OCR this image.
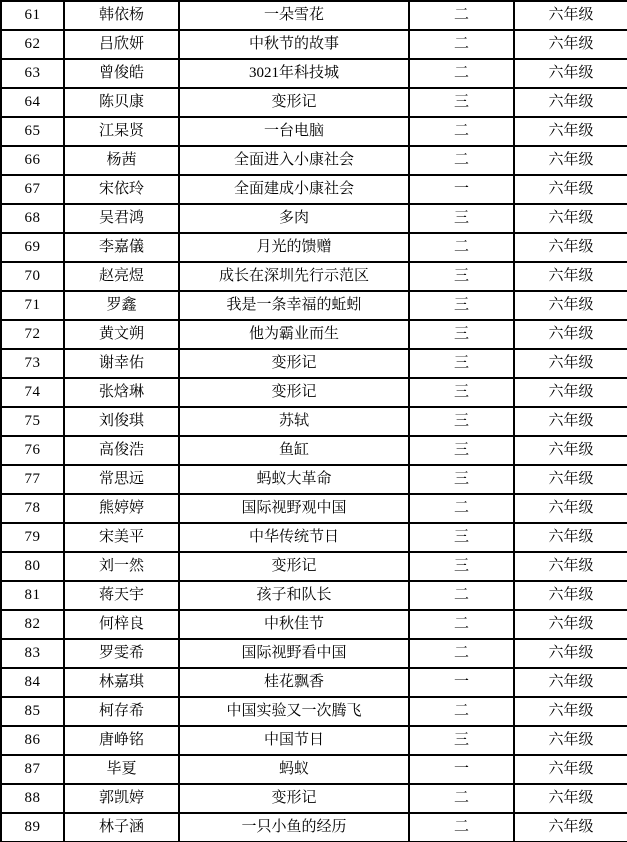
61	韩依杨	一朵雪花	二	六年级
62	吕欣妍	中秋节的故事	二	六年级
63	曾俊皓	3021年科技城	二	六年级
64	陈贝康	变形记	三	六年级
65	江杲贤	一台电脑	二	六年级
66	杨茜	全面进入小康社会	二	六年级
67	宋依玲	全面建成小康社会	一	六年级
68	吴君鸿	多肉	三	六年级
69	李嘉儀	月光的馈赠	二	六年级
70	赵亮煜	成长在深圳先行示范区	三	六年级
71	罗鑫	我是一条幸福的蚯蚓	三	六年级
72	黄文朔	他为霸业而生	三	六年级
73	谢幸佑	变形记	三	六年级
74	张焓琳	变形记	三	六年级
75	刘俊琪	苏轼	三	六年级
76	高俊浩	鱼缸	三	六年级
77	常思远	蚂蚁大革命	三	六年级
78	熊婷婷	国际视野观中国	二	六年级
79	宋美平	中华传统节日	三	六年级
80	刘一然	变形记	三	六年级
81	蒋天宇	孩子和队长	二	六年级
82	何梓良	中秋佳节	二	六年级
83	罗雯希	国际视野看中国	二	六年级
84	林嘉琪	桂花飘香	一	六年级
85	柯存希	中国实验又一次腾飞	二	六年级
86	唐峥铭	中国节日	三	六年级
87	毕夏	蚂蚁	一	六年级
88	郭凯婷	变形记	二	六年级
89	林子涵	一只小鱼的经历	二	六年级
